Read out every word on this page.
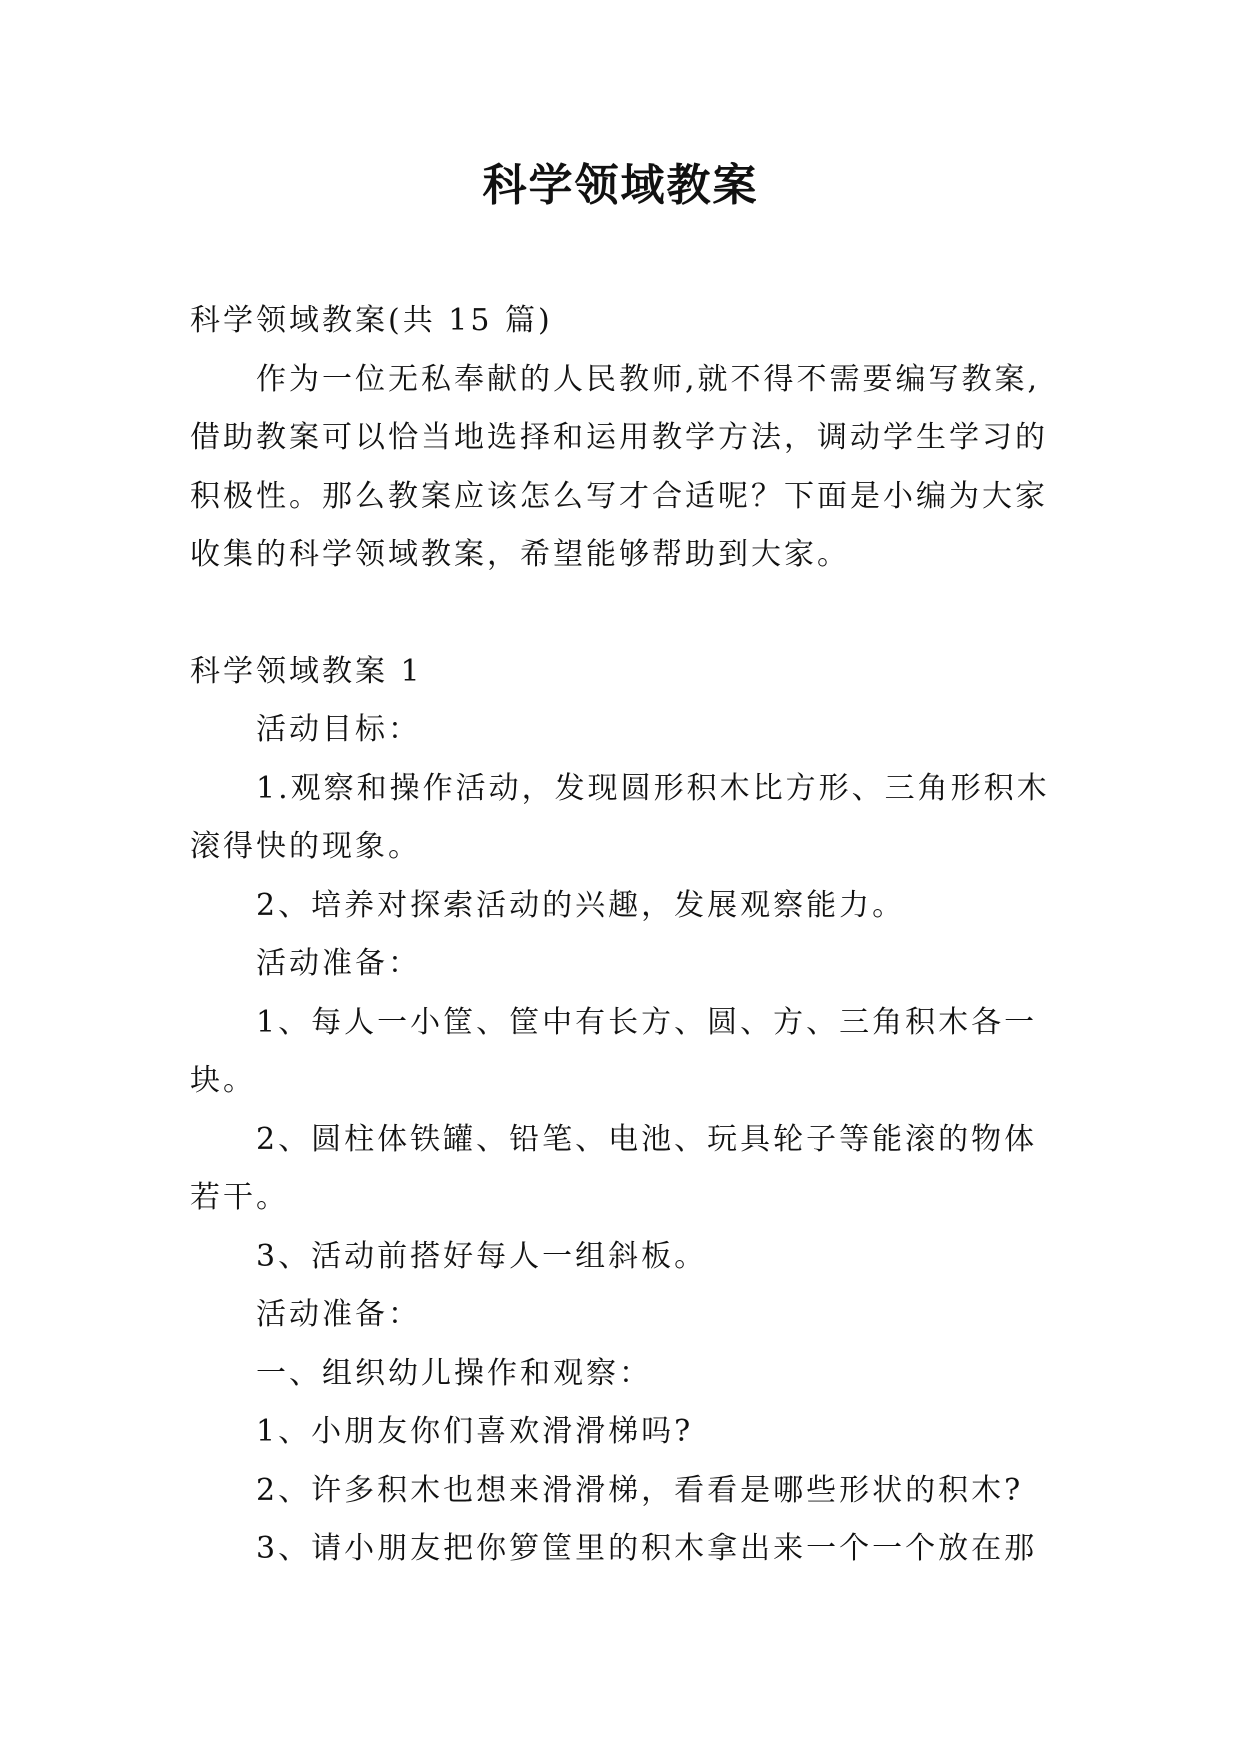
科学领域教案

科学领域教案(共 15 篇)

作为一位无私奉献的人民教师,就不得不需要编写教案,

借助教案可以恰当地选择和运用教学方法，调动学生学习的

积极性。那么教案应该怎么写才合适呢？下面是小编为大家

收集的科学领域教案，希望能够帮助到大家。

科学领域教案 1

活动目标：

1.观察和操作活动，发现圆形积木比方形、三角形积木

滚得快的现象。

2、培养对探索活动的兴趣，发展观察能力。

活动准备：

1、每人一小筐、筐中有长方、圆、方、三角积木各一

块。

2、圆柱体铁罐、铅笔、电池、玩具轮子等能滚的物体

若干。

3、活动前搭好每人一组斜板。

活动准备：

一、组织幼儿操作和观察：

1、小朋友你们喜欢滑滑梯吗?

2、许多积木也想来滑滑梯，看看是哪些形状的积木?

3、请小朋友把你箩筐里的积木拿出来一个一个放在那
